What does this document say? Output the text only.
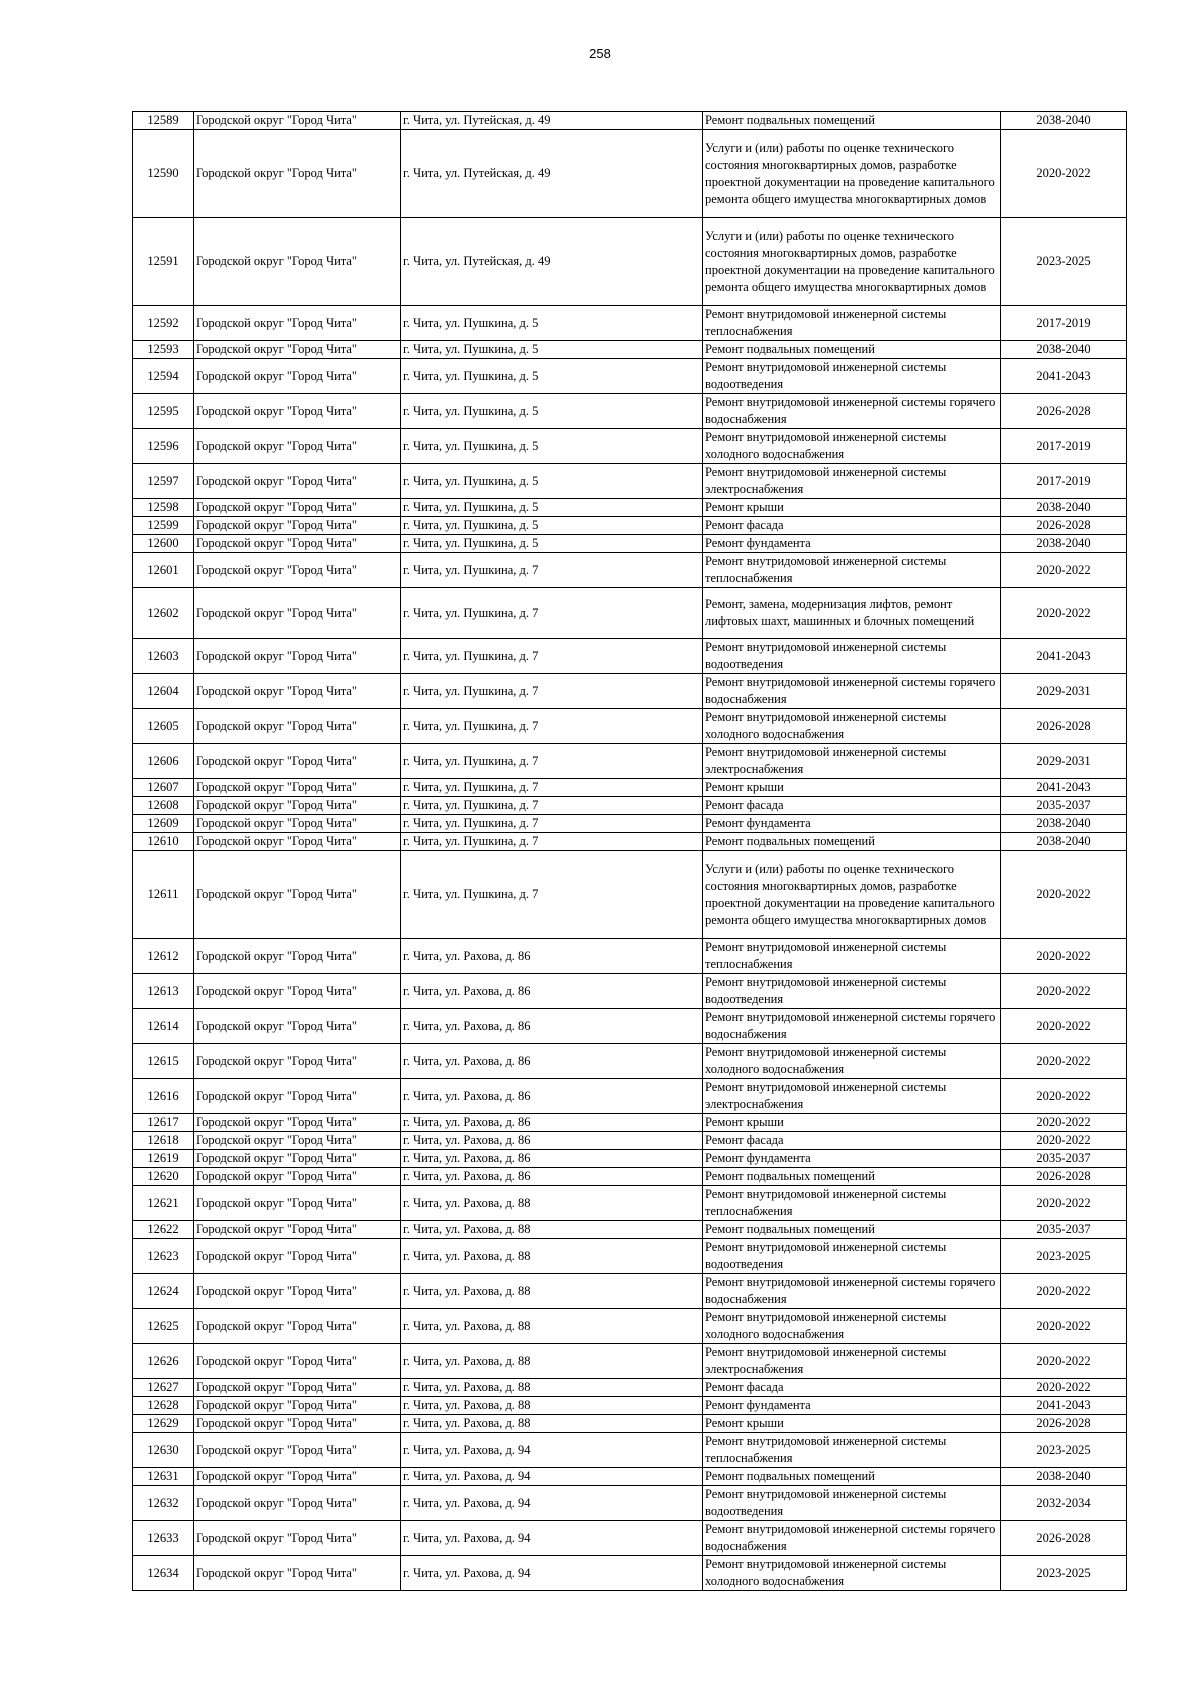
258
12589	Городской округ "Город Чита"	г. Чита, ул. Путейская, д. 49	Ремонт подвальных помещений	2038-2040
12590	Городской округ "Город Чита"	г. Чита, ул. Путейская, д. 49	Услуги и (или) работы по оценке технического состояния многоквартирных домов, разработке проектной документации на проведение капитального ремонта общего имущества многоквартирных домов	2020-2022
12591	Городской округ "Город Чита"	г. Чита, ул. Путейская, д. 49	Услуги и (или) работы по оценке технического состояния многоквартирных домов, разработке проектной документации на проведение капитального ремонта общего имущества многоквартирных домов	2023-2025
12592	Городской округ "Город Чита"	г. Чита, ул. Пушкина, д. 5	Ремонт внутридомовой инженерной системы теплоснабжения	2017-2019
12593	Городской округ "Город Чита"	г. Чита, ул. Пушкина, д. 5	Ремонт подвальных помещений	2038-2040
12594	Городской округ "Город Чита"	г. Чита, ул. Пушкина, д. 5	Ремонт внутридомовой инженерной системы водоотведения	2041-2043
12595	Городской округ "Город Чита"	г. Чита, ул. Пушкина, д. 5	Ремонт внутридомовой инженерной системы горячего водоснабжения	2026-2028
12596	Городской округ "Город Чита"	г. Чита, ул. Пушкина, д. 5	Ремонт внутридомовой инженерной системы холодного водоснабжения	2017-2019
12597	Городской округ "Город Чита"	г. Чита, ул. Пушкина, д. 5	Ремонт внутридомовой инженерной системы электроснабжения	2017-2019
12598	Городской округ "Город Чита"	г. Чита, ул. Пушкина, д. 5	Ремонт крыши	2038-2040
12599	Городской округ "Город Чита"	г. Чита, ул. Пушкина, д. 5	Ремонт фасада	2026-2028
12600	Городской округ "Город Чита"	г. Чита, ул. Пушкина, д. 5	Ремонт фундамента	2038-2040
12601	Городской округ "Город Чита"	г. Чита, ул. Пушкина, д. 7	Ремонт внутридомовой инженерной системы теплоснабжения	2020-2022
12602	Городской округ "Город Чита"	г. Чита, ул. Пушкина, д. 7	Ремонт, замена, модернизация лифтов, ремонт лифтовых шахт, машинных и блочных помещений	2020-2022
12603	Городской округ "Город Чита"	г. Чита, ул. Пушкина, д. 7	Ремонт внутридомовой инженерной системы водоотведения	2041-2043
12604	Городской округ "Город Чита"	г. Чита, ул. Пушкина, д. 7	Ремонт внутридомовой инженерной системы горячего водоснабжения	2029-2031
12605	Городской округ "Город Чита"	г. Чита, ул. Пушкина, д. 7	Ремонт внутридомовой инженерной системы холодного водоснабжения	2026-2028
12606	Городской округ "Город Чита"	г. Чита, ул. Пушкина, д. 7	Ремонт внутридомовой инженерной системы электроснабжения	2029-2031
12607	Городской округ "Город Чита"	г. Чита, ул. Пушкина, д. 7	Ремонт крыши	2041-2043
12608	Городской округ "Город Чита"	г. Чита, ул. Пушкина, д. 7	Ремонт фасада	2035-2037
12609	Городской округ "Город Чита"	г. Чита, ул. Пушкина, д. 7	Ремонт фундамента	2038-2040
12610	Городской округ "Город Чита"	г. Чита, ул. Пушкина, д. 7	Ремонт подвальных помещений	2038-2040
12611	Городской округ "Город Чита"	г. Чита, ул. Пушкина, д. 7	Услуги и (или) работы по оценке технического состояния многоквартирных домов, разработке проектной документации на проведение капитального ремонта общего имущества многоквартирных домов	2020-2022
12612	Городской округ "Город Чита"	г. Чита, ул. Рахова, д. 86	Ремонт внутридомовой инженерной системы теплоснабжения	2020-2022
12613	Городской округ "Город Чита"	г. Чита, ул. Рахова, д. 86	Ремонт внутридомовой инженерной системы водоотведения	2020-2022
12614	Городской округ "Город Чита"	г. Чита, ул. Рахова, д. 86	Ремонт внутридомовой инженерной системы горячего водоснабжения	2020-2022
12615	Городской округ "Город Чита"	г. Чита, ул. Рахова, д. 86	Ремонт внутридомовой инженерной системы холодного водоснабжения	2020-2022
12616	Городской округ "Город Чита"	г. Чита, ул. Рахова, д. 86	Ремонт внутридомовой инженерной системы электроснабжения	2020-2022
12617	Городской округ "Город Чита"	г. Чита, ул. Рахова, д. 86	Ремонт крыши	2020-2022
12618	Городской округ "Город Чита"	г. Чита, ул. Рахова, д. 86	Ремонт фасада	2020-2022
12619	Городской округ "Город Чита"	г. Чита, ул. Рахова, д. 86	Ремонт фундамента	2035-2037
12620	Городской округ "Город Чита"	г. Чита, ул. Рахова, д. 86	Ремонт подвальных помещений	2026-2028
12621	Городской округ "Город Чита"	г. Чита, ул. Рахова, д. 88	Ремонт внутридомовой инженерной системы теплоснабжения	2020-2022
12622	Городской округ "Город Чита"	г. Чита, ул. Рахова, д. 88	Ремонт подвальных помещений	2035-2037
12623	Городской округ "Город Чита"	г. Чита, ул. Рахова, д. 88	Ремонт внутридомовой инженерной системы водоотведения	2023-2025
12624	Городской округ "Город Чита"	г. Чита, ул. Рахова, д. 88	Ремонт внутридомовой инженерной системы горячего водоснабжения	2020-2022
12625	Городской округ "Город Чита"	г. Чита, ул. Рахова, д. 88	Ремонт внутридомовой инженерной системы холодного водоснабжения	2020-2022
12626	Городской округ "Город Чита"	г. Чита, ул. Рахова, д. 88	Ремонт внутридомовой инженерной системы электроснабжения	2020-2022
12627	Городской округ "Город Чита"	г. Чита, ул. Рахова, д. 88	Ремонт фасада	2020-2022
12628	Городской округ "Город Чита"	г. Чита, ул. Рахова, д. 88	Ремонт фундамента	2041-2043
12629	Городской округ "Город Чита"	г. Чита, ул. Рахова, д. 88	Ремонт крыши	2026-2028
12630	Городской округ "Город Чита"	г. Чита, ул. Рахова, д. 94	Ремонт внутридомовой инженерной системы теплоснабжения	2023-2025
12631	Городской округ "Город Чита"	г. Чита, ул. Рахова, д. 94	Ремонт подвальных помещений	2038-2040
12632	Городской округ "Город Чита"	г. Чита, ул. Рахова, д. 94	Ремонт внутридомовой инженерной системы водоотведения	2032-2034
12633	Городской округ "Город Чита"	г. Чита, ул. Рахова, д. 94	Ремонт внутридомовой инженерной системы горячего водоснабжения	2026-2028
12634	Городской округ "Город Чита"	г. Чита, ул. Рахова, д. 94	Ремонт внутридомовой инженерной системы холодного водоснабжения	2023-2025
